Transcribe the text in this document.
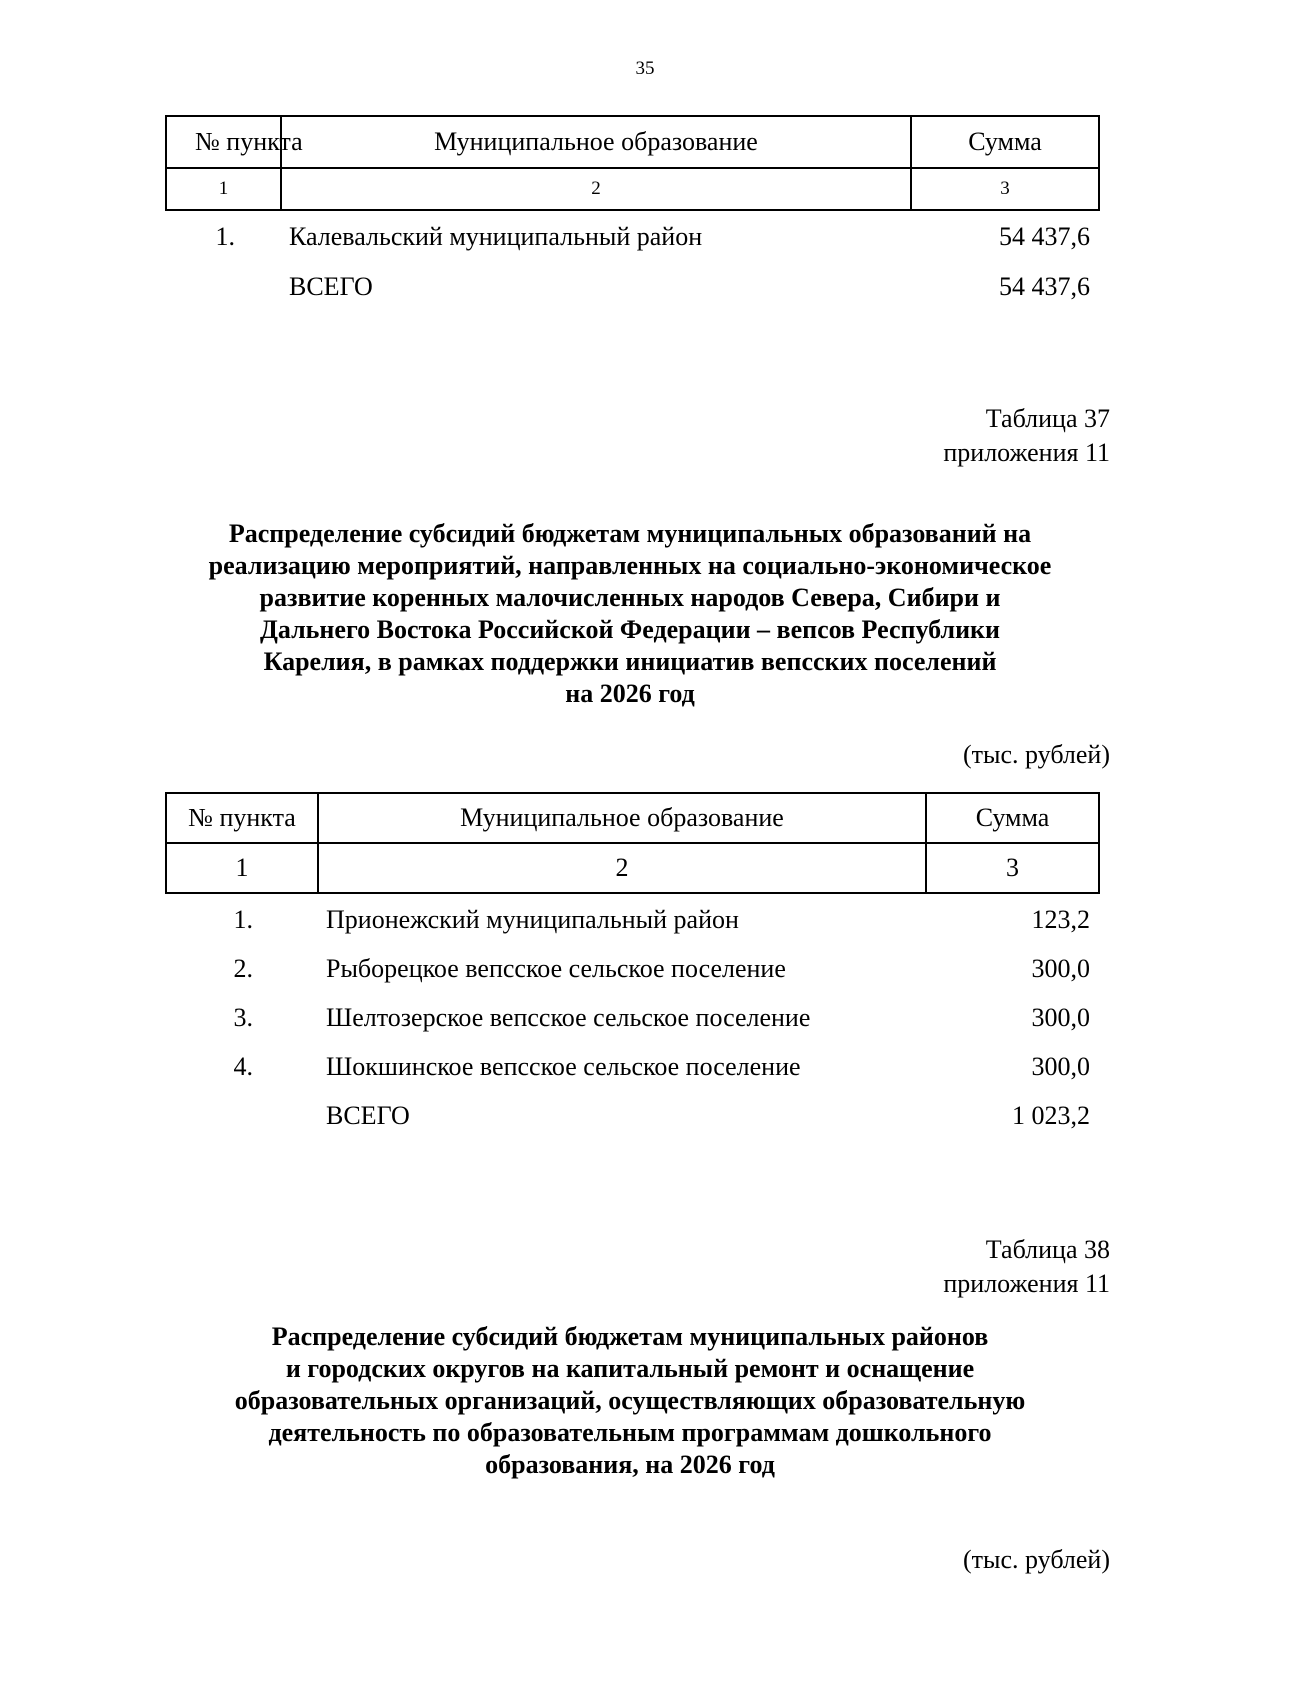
35
№ пункта	Муниципальное образование	Сумма
1	2	3
1. Калевальский муниципальный район	54 437,6
ВСЕГО	54 437,6
Таблица 37
приложения 11
Распределение субсидий бюджетам муниципальных образований на
реализацию мероприятий, направленных на социально-экономическое
развитие коренных малочисленных народов Севера, Сибири и
Дальнего Востока Российской Федерации – вепсов Республики
Карелия, в рамках поддержки инициатив вепсских поселений
на 2026 год
(тыс. рублей)
№ пункта	Муниципальное образование	Сумма
1	2	3
1.	Прионежский муниципальный район	123,2
2.	Рыборецкое вепсское сельское поселение	300,0
3.	Шелтозерское вепсское сельское поселение	300,0
4.	Шокшинское вепсское сельское поселение	300,0
ВСЕГО	1 023,2
Таблица 38
приложения 11
Распределение субсидий бюджетам муниципальных районов
и городских округов на капитальный ремонт и оснащение
образовательных организаций, осуществляющих образовательную
деятельность по образовательным программам дошкольного
образования, на 2026 год
(тыс. рублей)
